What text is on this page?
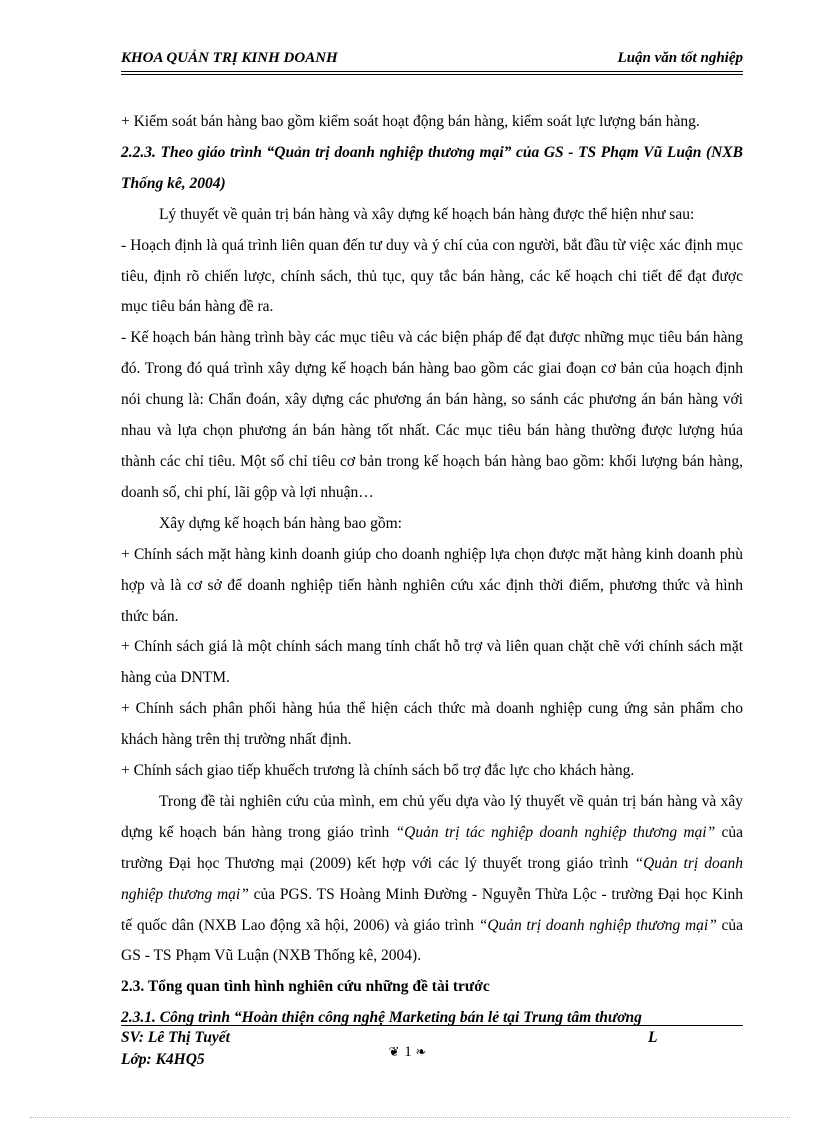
KHOA QUẢN TRỊ KINH DOANH	Luận văn tốt nghiệp

+ Kiểm soát bán hàng bao gồm kiểm soát hoạt động bán hàng, kiểm soát lực lượng bán hàng.

2.2.3. Theo giáo trình “Quản trị doanh nghiệp thương mại” của GS - TS Phạm Vũ Luận (NXB Thống kê, 2004)

Lý thuyết về quản trị bán hàng và xây dựng kế hoạch bán hàng được thể hiện như sau:

- Hoạch định là quá trình liên quan đến tư duy và ý chí của con người, bắt đầu từ việc xác định mục tiêu, định rõ chiến lược, chính sách, thủ tục, quy tắc bán hàng, các kế hoạch chi tiết để đạt được mục tiêu bán hàng đề ra.

- Kế hoạch bán hàng trình bày các mục tiêu và các biện pháp để đạt được những mục tiêu bán hàng đó. Trong đó quá trình xây dựng kế hoạch bán hàng bao gồm các giai đoạn cơ bản của hoạch định nói chung là: Chẩn đoán, xây dựng các phương án bán hàng, so sánh các phương án bán hàng với nhau và lựa chọn phương án bán hàng tốt nhất. Các mục tiêu bán hàng thường được lượng húa thành các chỉ tiêu. Một số chỉ tiêu cơ bản trong kế hoạch bán hàng bao gồm: khối lượng bán hàng, doanh số, chi phí, lãi gộp và lợi nhuận…

Xây dựng kế hoạch bán hàng bao gồm:

+ Chính sách mặt hàng kinh doanh giúp cho doanh nghiệp lựa chọn được mặt hàng kinh doanh phù hợp và là cơ sở để doanh nghiệp tiến hành nghiên cứu xác định thời điểm, phương thức và hình thức bán.

+ Chính sách giá là một chính sách mang tính chất hỗ trợ và liên quan chặt chẽ với chính sách mặt hàng của DNTM.

+ Chính sách phân phối hàng húa thể hiện cách thức mà doanh nghiệp cung ứng sản phẩm cho khách hàng trên thị trường nhất định.

+ Chính sách giao tiếp khuếch trương là chính sách bổ trợ đắc lực cho khách hàng.

Trong đề tài nghiên cứu của mình, em chủ yếu dựa vào lý thuyết về quản trị bán hàng và xây dựng kế hoạch bán hàng trong giáo trình “Quản trị tác nghiệp doanh nghiệp thương mại” của trường Đại học Thương mại (2009) kết hợp với các lý thuyết trong giáo trình “Quản trị doanh nghiệp thương mại” của PGS. TS Hoàng Minh Đường - Nguyễn Thừa Lộc - trường Đại học Kinh tế quốc dân (NXB Lao động xã hội, 2006) và giáo trình “Quản trị doanh nghiệp thương mại” của GS - TS Phạm Vũ Luận (NXB Thống kê, 2004).

2.3. Tổng quan tình hình nghiên cứu những đề tài trước

2.3.1. Công trình “Hoàn thiện công nghệ Marketing bán lẻ tại Trung tâm thương

SV: Lê Thị Tuyết
Lớp: K4HQ5
L
❦ 1 ❧
